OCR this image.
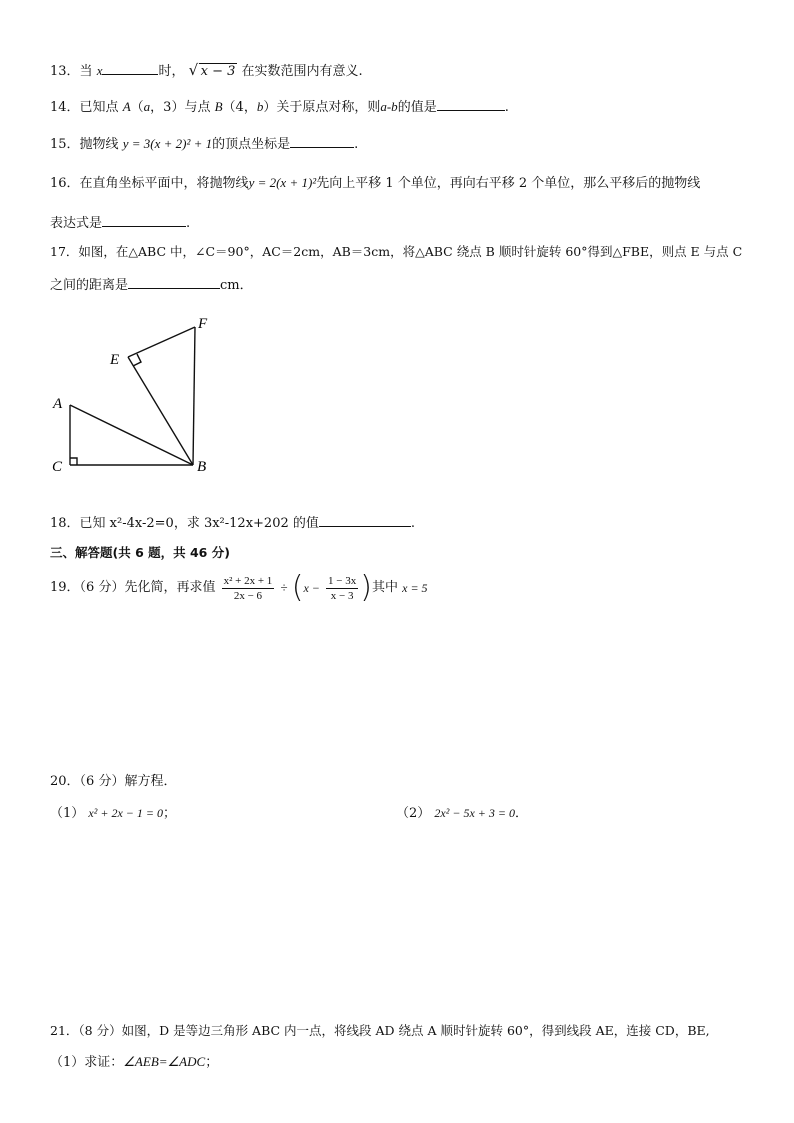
13．当 x	时， √ x − 3 在实数范围内有意义.
14．已知点 A（a，3）与点 B（4，b）关于原点对称，则a-b的值是	.
15．抛物线 y = 3(x + 2)² + 1的顶点坐标是	.
16．在直角坐标平面中，将抛物线y = 2(x + 1)²先向上平移 1 个单位，再向右平移 2 个单位，那么平移后的抛物线
表达式是	.
17．如图，在△ABC 中，∠C＝90°，AC＝2cm，AB＝3cm，将△ABC 绕点 B 顺时针旋转 60°得到△FBE，则点 E 与点 C
之间的距离是	cm．
F
E
A
C	B
18．已知 x²-4x-2=0，求 3x²-12x+202 的值	.
三、解答题(共 6 题，共 46 分)
19．（6 分）先化简，再求值 $\frac{\text{x² + 2x + 1}}{2x - 6} \div (x - \frac{1 - 3x}{x - 3}$ )其中 x = 5
20．（6 分）解方程．
（1） x² + 2x − 1 = 0；	（2） 2x² − 5x + 3 = 0．
21．（8 分）如图，D 是等边三角形 ABC 内一点，将线段 AD 绕点 A 顺时针旋转 60°，得到线段 AE，连接 CD，BE,
（1）求证：∠AEB=∠ADC；
